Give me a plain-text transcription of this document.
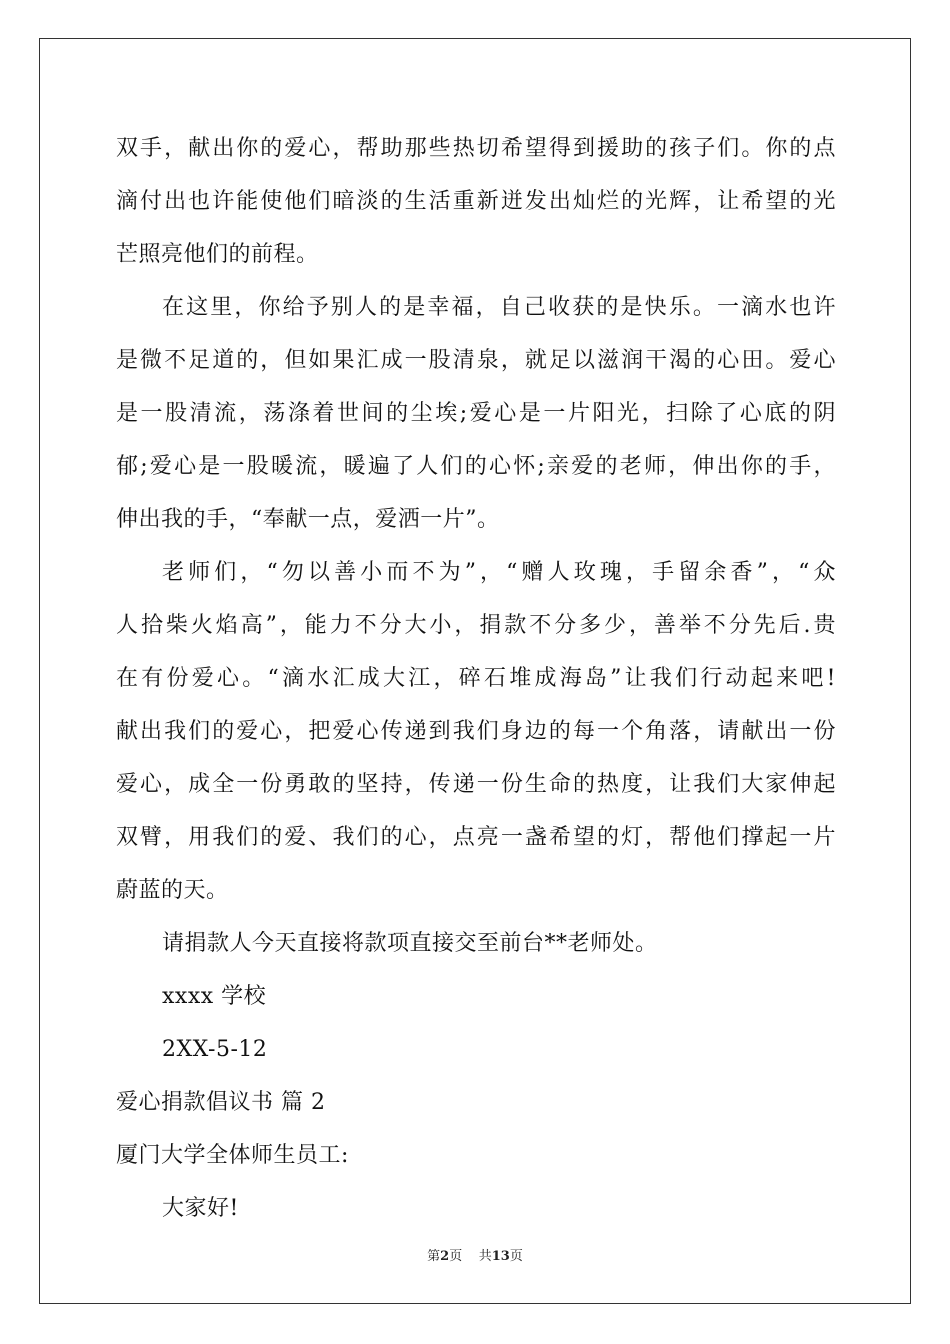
双手，献出你的爱心，帮助那些热切希望得到援助的孩子们。你的点
滴付出也许能使他们暗淡的生活重新迸发出灿烂的光辉，让希望的光
芒照亮他们的前程。
在这里，你给予别人的是幸福，自己收获的是快乐。一滴水也许
是微不足道的，但如果汇成一股清泉，就足以滋润干渴的心田。爱心
是一股清流，荡涤着世间的尘埃;爱心是一片阳光，扫除了心底的阴
郁;爱心是一股暖流，暖遍了人们的心怀;亲爱的老师，伸出你的手，
伸出我的手，“奉献一点，爱洒一片”。
老师们，“勿以善小而不为”，“赠人玫瑰，手留余香”，“众
人拾柴火焰高”，能力不分大小，捐款不分多少，善举不分先后.贵
在有份爱心。“滴水汇成大江，碎石堆成海岛”让我们行动起来吧!
献出我们的爱心，把爱心传递到我们身边的每一个角落，请献出一份
爱心，成全一份勇敢的坚持，传递一份生命的热度，让我们大家伸起
双臂，用我们的爱、我们的心，点亮一盏希望的灯，帮他们撑起一片
蔚蓝的天。
请捐款人今天直接将款项直接交至前台**老师处。
xxxx 学校
2XX-5-12
爱心捐款倡议书 篇 2
厦门大学全体师生员工:
大家好!
第2页 共13页
